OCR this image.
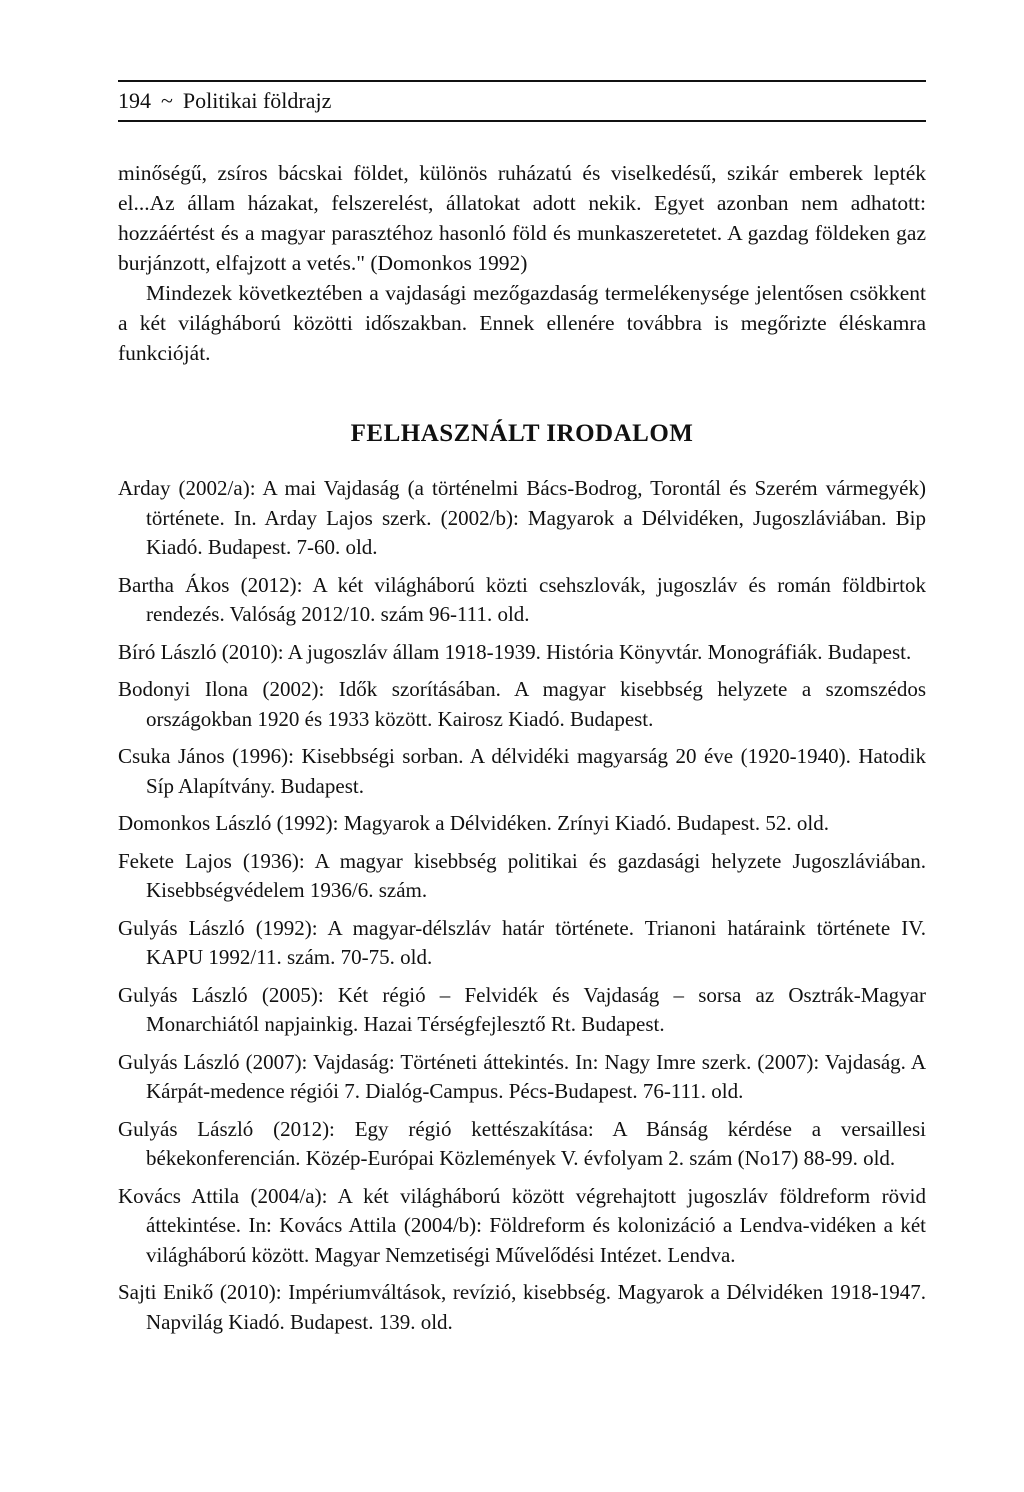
194 ~ Politikai földrajz

minőségű, zsíros bácskai földet, különös ruházatú és viselkedésű, szikár emberek lepték el...Az állam házakat, felszerelést, állatokat adott nekik. Egyet azonban nem adhatott: hozzáértést és a magyar parasztéhoz hasonló föld és munkaszeretetet. A gazdag földeken gaz burjánzott, elfajzott a vetés." (Domonkos 1992)

Mindezek következtében a vajdasági mezőgazdaság termelékenysége jelentősen csökkent a két világháború közötti időszakban. Ennek ellenére továbbra is megőrizte éléskamra funkcióját.

FELHASZNÁLT IRODALOM
Arday (2002/a): A mai Vajdaság (a történelmi Bács-Bodrog, Torontál és Szerém vármegyék) története. In. Arday Lajos szerk. (2002/b): Magyarok a Délvidéken, Jugoszláviában. Bip Kiadó. Budapest. 7-60. old.
Bartha Ákos (2012): A két világháború közti csehszlovák, jugoszláv és román földbirtok rendezés. Valóság 2012/10. szám 96-111. old.
Bíró László (2010): A jugoszláv állam 1918-1939. História Könyvtár. Monográfiák. Budapest.
Bodonyi Ilona (2002): Idők szorításában. A magyar kisebbség helyzete a szomszédos országokban 1920 és 1933 között. Kairosz Kiadó. Budapest.
Csuka János (1996): Kisebbségi sorban. A délvidéki magyarság 20 éve (1920-1940). Hatodik Síp Alapítvány. Budapest.
Domonkos László (1992): Magyarok a Délvidéken. Zrínyi Kiadó. Budapest. 52. old.
Fekete Lajos (1936): A magyar kisebbség politikai és gazdasági helyzete Jugoszláviában. Kisebbségvédelem 1936/6. szám.
Gulyás László (1992): A magyar-délszláv határ története. Trianoni határaink története IV. KAPU 1992/11. szám. 70-75. old.
Gulyás László (2005): Két régió – Felvidék és Vajdaság – sorsa az Osztrák-Magyar Monarchiától napjainkig. Hazai Térségfejlesztő Rt. Budapest.
Gulyás László (2007): Vajdaság: Történeti áttekintés. In: Nagy Imre szerk. (2007): Vajdaság. A Kárpát-medence régiói 7. Dialóg-Campus. Pécs-Budapest. 76-111. old.
Gulyás László (2012): Egy régió kettészakítása: A Bánság kérdése a versaillesi békekonferencián. Közép-Európai Közlemények V. évfolyam 2. szám (No17) 88-99. old.
Kovács Attila (2004/a): A két világháború között végrehajtott jugoszláv földreform rövid áttekintése. In: Kovács Attila (2004/b): Földreform és kolonizáció a Lendva-vidéken a két világháború között. Magyar Nemzetiségi Művelődési Intézet. Lendva.
Sajti Enikő (2010): Impériumváltások, revízió, kisebbség. Magyarok a Délvidéken 1918-1947. Napvilág Kiadó. Budapest. 139. old.
